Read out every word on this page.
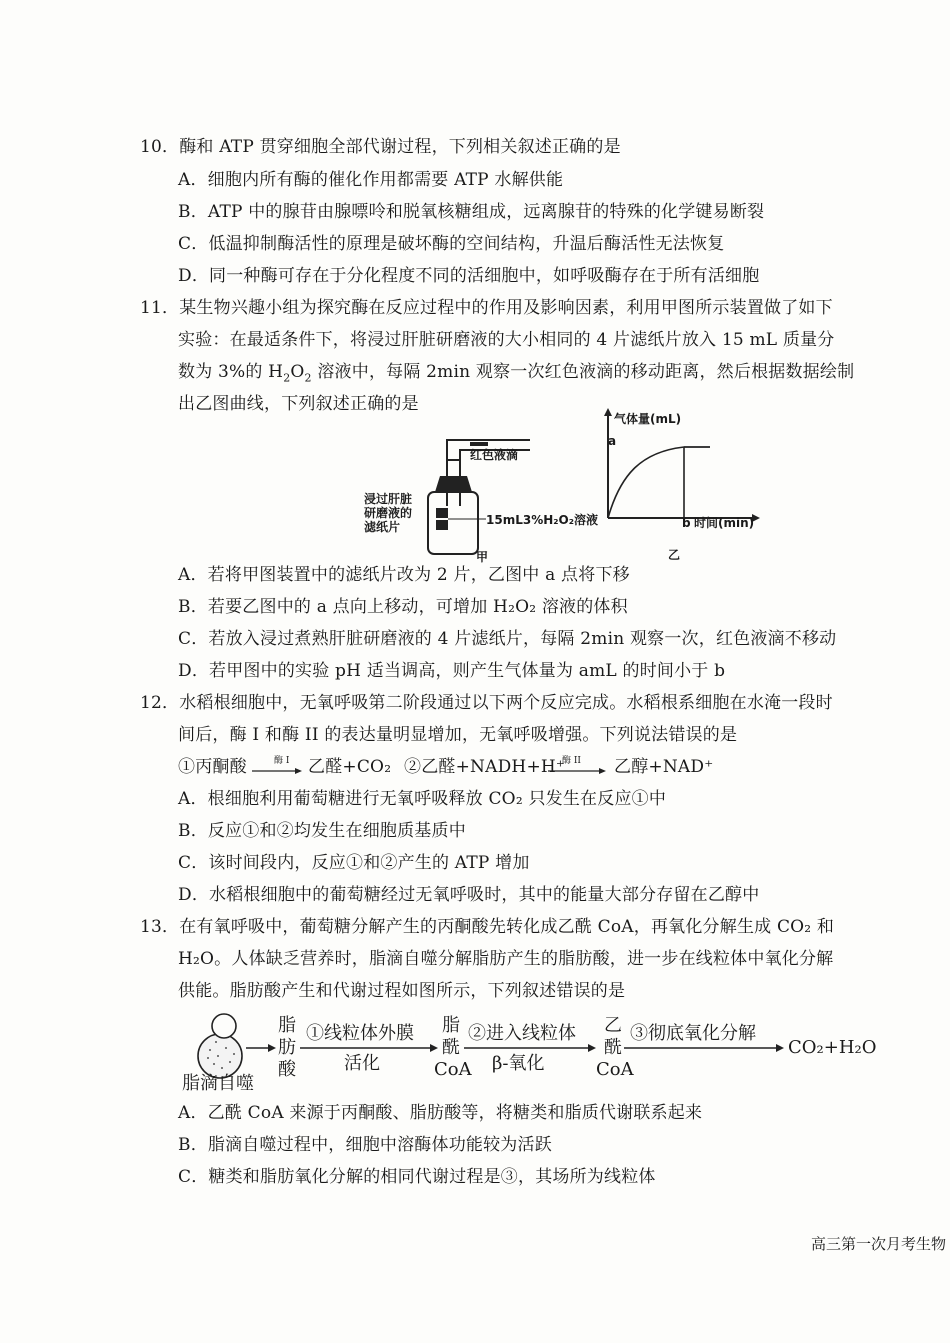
10．酶和 ATP 贯穿细胞全部代谢过程，下列相关叙述正确的是
A．细胞内所有酶的催化作用都需要 ATP 水解供能
B．ATP 中的腺苷由腺嘌呤和脱氧核糖组成，远离腺苷的特殊的化学键易断裂
C．低温抑制酶活性的原理是破坏酶的空间结构，升温后酶活性无法恢复
D．同一种酶可存在于分化程度不同的活细胞中，如呼吸酶存在于所有活细胞
11．某生物兴趣小组为探究酶在反应过程中的作用及影响因素，利用甲图所示装置做了如下
实验：在最适条件下，将浸过肝脏研磨液的大小相同的 4 片滤纸片放入 15 mL 质量分
数为 3%的 $H_2O_2$ 溶液中，每隔 2min 观察一次红色液滴的移动距离，然后根据数据绘制
出乙图曲线，下列叙述正确的是
红色液滴
浸过肝脏
研磨液的
滤纸片	15mL3%H₂O₂溶液
甲
气体量(mL)
a
b 时间(min)
乙
A．若将甲图装置中的滤纸片改为 2 片，乙图中 a 点将下移
B．若要乙图中的 a 点向上移动，可增加 H₂O₂ 溶液的体积
C．若放入浸过煮熟肝脏研磨液的 4 片滤纸片，每隔 2min 观察一次，红色液滴不移动
D．若甲图中的实验 pH 适当调高，则产生气体量为 amL 的时间小于 b
12．水稻根细胞中，无氧呼吸第二阶段通过以下两个反应完成。水稻根系细胞在水淹一段时
间后，酶 I 和酶 II 的表达量明显增加，无氧呼吸增强。下列说法错误的是
①丙酮酸	酶 I → 乙醛+CO₂ ②乙醛+NADH+H⁺
酶 II → 乙醇+NAD⁺
A．根细胞利用葡萄糖进行无氧呼吸释放 CO₂ 只发生在反应①中
B．反应①和②均发生在细胞质基质中
C．该时间段内，反应①和②产生的 ATP 增加
D．水稻根细胞中的葡萄糖经过无氧呼吸时，其中的能量大部分存留在乙醇中
13．在有氧呼吸中，葡萄糖分解产生的丙酮酸先转化成乙酰 CoA，再氧化分解生成 CO₂ 和
H₂O。人体缺乏营养时，脂滴自噬分解脂肪产生的脂肪酸，进一步在线粒体中氧化分解
供能。脂肪酸产生和代谢过程如图所示，下列叙述错误的是
脂滴自噬
脂
肪
酸
①线粒体外膜
活化
脂
酰
CoA
②进入线粒体
β-氧化
乙
酰
CoA
③彻底氧化分解
CO₂+H₂O
A．乙酰 CoA 来源于丙酮酸、脂肪酸等，将糖类和脂质代谢联系起来
B．脂滴自噬过程中，细胞中溶酶体功能较为活跃
C．糖类和脂肪氧化分解的相同代谢过程是③，其场所为线粒体
高三第一次月考生物
